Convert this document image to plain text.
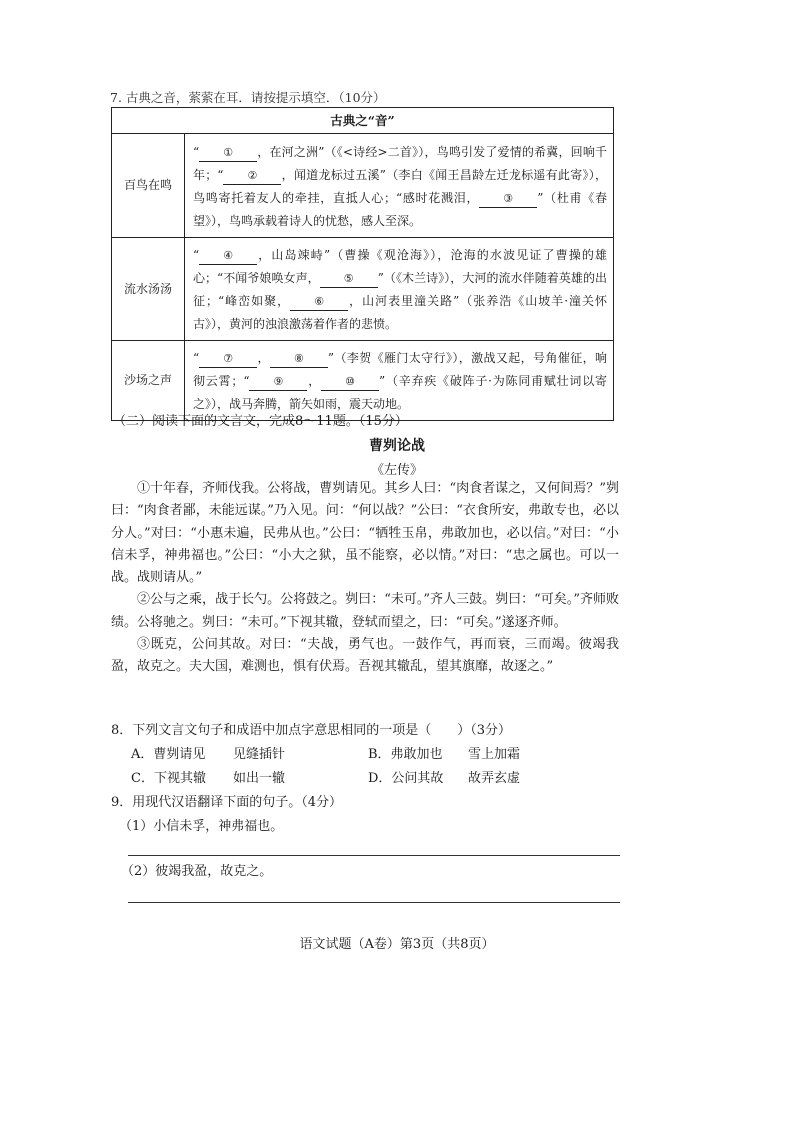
7. 古典之音，萦萦在耳．请按提示填空．（10分）
古典之“音”	
百鸟在鸣	“ ① ，在河之洲”（《<诗经>二首》），鸟鸣引发了爱情的希冀，回响千年；“ ② ，闻道龙标过五溪”（李白《闻王昌龄左迁龙标遥有此寄》），鸟鸣寄托着友人的牵挂，直抵人心；“感时花溅泪， ③ ”（杜甫《春望》），鸟鸣承载着诗人的忧愁，感人至深。
流水汤汤	“ ④ ，山岛竦峙”（曹操《观沧海》），沧海的水波见证了曹操的雄心；“不闻爷娘唤女声， ⑤ ”（《木兰诗》），大河的流水伴随着英雄的出征；“峰峦如聚， ⑥ ，山河表里潼关路”（张养浩《山坡羊·潼关怀古》），黄河的浊浪激荡着作者的悲愤。
沙场之声	“ ⑦ ， ⑧ ”（李贺《雁门太守行》），激战又起，号角催征，响彻云霄；“ ⑨ ， ⑩ ”（辛弃疾《破阵子·为陈同甫赋壮词以寄之》），战马奔腾，箭矢如雨，震天动地。
（二）阅读下面的文言文，完成8～11题。（15分）
曹刿论战
《左传》

①十年春，齐师伐我。公将战，曹刿请见。其乡人曰：“肉食者谋之，又何间焉？”刿曰：“肉食者鄙，未能远谋。”乃入见。问：“何以战？”公曰：“衣食所安，弗敢专也，必以分人。”对曰：“小惠未遍，民弗从也。”公曰：“牺牲玉帛，弗敢加也，必以信。”对曰：“小信未孚，神弗福也。”公曰：“小大之狱，虽不能察，必以情。”对曰：“忠之属也。可以一战。战则请从。”

②公与之乘，战于长勺。公将鼓之。刿曰：“未可。”齐人三鼓。刿曰：“可矣。”齐师败绩。公将驰之。刿曰：“未可。”下视其辙，登轼而望之，曰：“可矣。”遂逐齐师。

③既克，公问其故。对曰：“夫战，勇气也。一鼓作气，再而衰，三而竭。彼竭我盈，故克之。夫大国，难测也，惧有伏焉。吾视其辙乱，望其旗靡，故逐之。”

8．下列文言文句子和成语中加点字意思相同的一项是（　　）（3分）
A．曹刿请见 见缝插针	B．弗敢加也 雪上加霜
C．下视其辙 如出一辙	D．公问其故 故弄玄虚
9．用现代汉语翻译下面的句子。（4分）
（1）小信未孚，神弗福也。
（2）彼竭我盈，故克之。
语文试题（A卷）第3页（共8页）
